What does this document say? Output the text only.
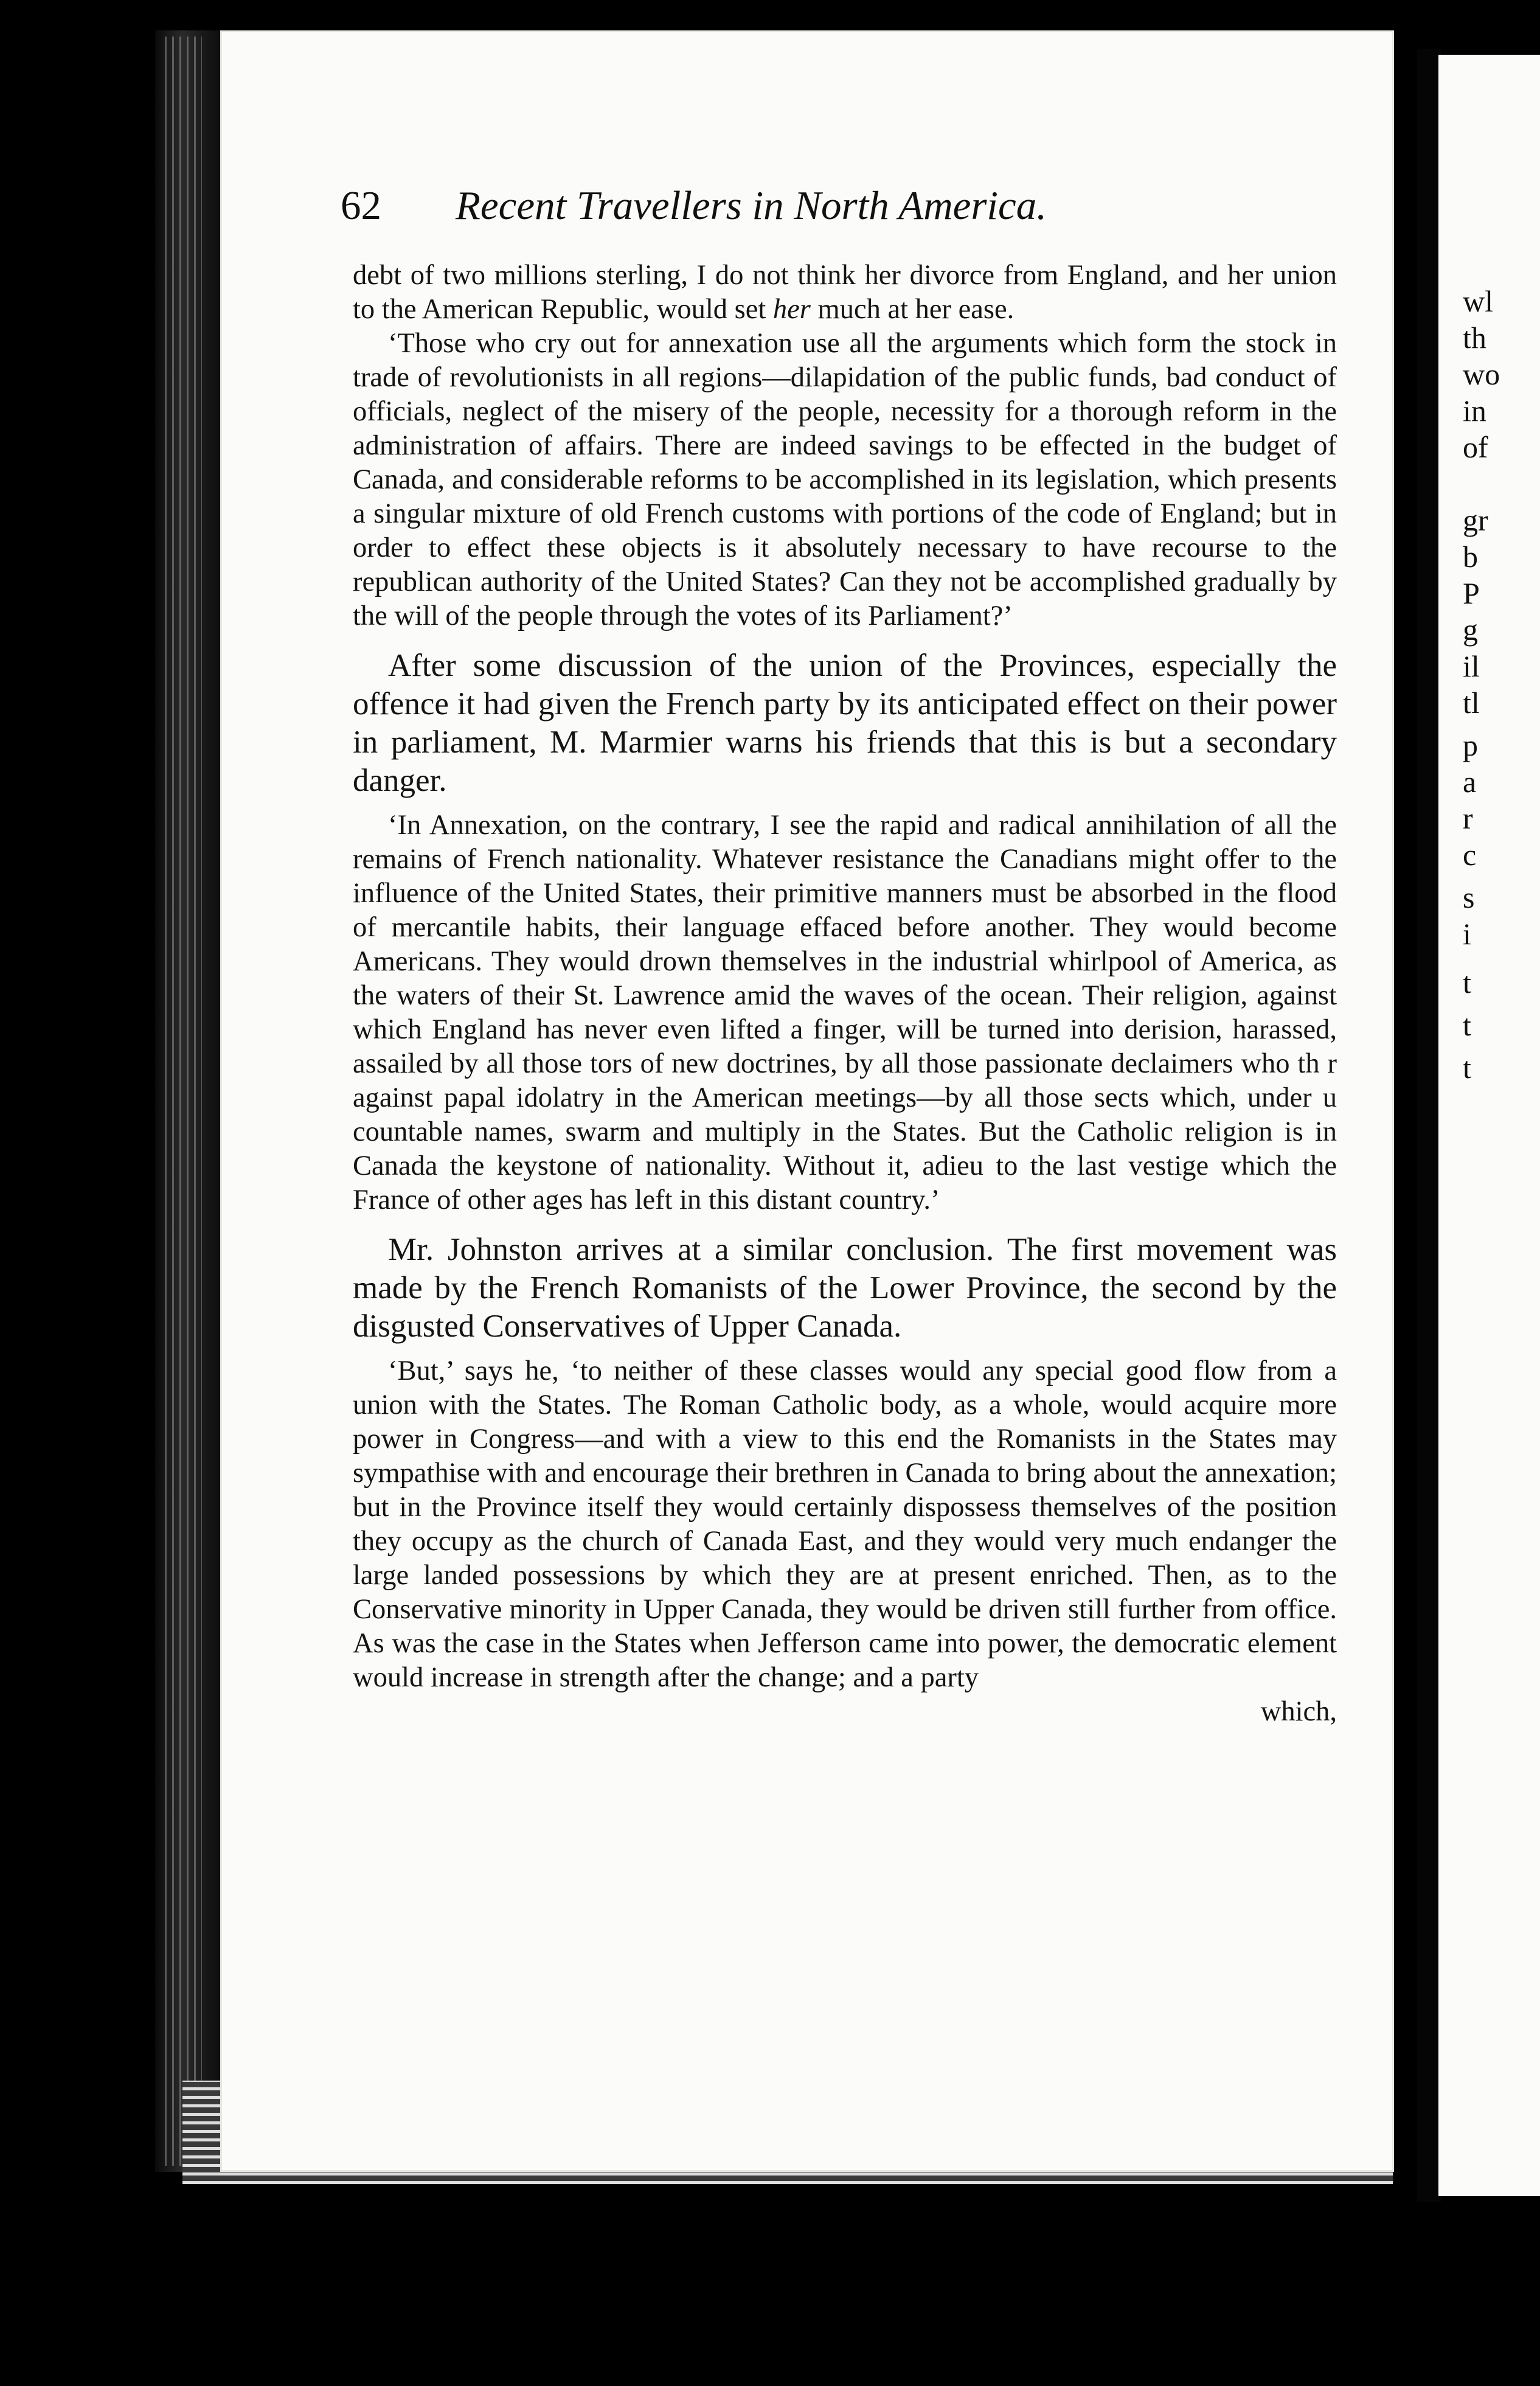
62	Recent Travellers in North America.

debt of two millions sterling, I do not think her divorce from England, and her union to the American Republic, would set her much at her ease.

‘Those who cry out for annexation use all the arguments which form the stock in trade of revolutionists in all regions—dilapidation of the public funds, bad conduct of officials, neglect of the misery of the people, necessity for a thorough reform in the administration of affairs. There are indeed savings to be effected in the budget of Canada, and considerable reforms to be accomplished in its legislation, which presents a singular mixture of old French customs with portions of the code of England; but in order to effect these objects is it absolutely necessary to have recourse to the republican authority of the United States? Can they not be accomplished gradually by the will of the people through the votes of its Parliament?’

After some discussion of the union of the Provinces, especially the offence it had given the French party by its anticipated effect on their power in parliament, M. Marmier warns his friends that this is but a secondary danger.

‘In Annexation, on the contrary, I see the rapid and radical annihilation of all the remains of French nationality. Whatever resistance the Canadians might offer to the influence of the United States, their primitive manners must be absorbed in the flood of mercantile habits, their language effaced before another. They would become Americans. They would drown themselves in the industrial whirlpool of America, as the waters of their St. Lawrence amid the waves of the ocean. Their religion, against which England has never even lifted a finger, will be turned into derision, harassed, assailed by all those tors of new doctrines, by all those passionate declaimers who th r against papal idolatry in the American meetings—by all those sects which, under u countable names, swarm and multiply in the States. But the Catholic religion is in Canada the keystone of nationality. Without it, adieu to the last vestige which the France of other ages has left in this distant country.’

Mr. Johnston arrives at a similar conclusion. The first movement was made by the French Romanists of the Lower Province, the second by the disgusted Conservatives of Upper Canada.

‘But,’ says he, ‘to neither of these classes would any special good flow from a union with the States. The Roman Catholic body, as a whole, would acquire more power in Congress—and with a view to this end the Romanists in the States may sympathise with and encourage their brethren in Canada to bring about the annexation; but in the Province itself they would certainly dispossess themselves of the position they occupy as the church of Canada East, and they would very much endanger the large landed possessions by which they are at present enriched. Then, as to the Conservative minority in Upper Canada, they would be driven still further from office. As was the case in the States when Jefferson came into power, the democratic element would increase in strength after the change; and a party

which,

wl
th
wo
in
of
gr
b
P
g
il
tl
p
a
r
c
s
i
t
t
t
